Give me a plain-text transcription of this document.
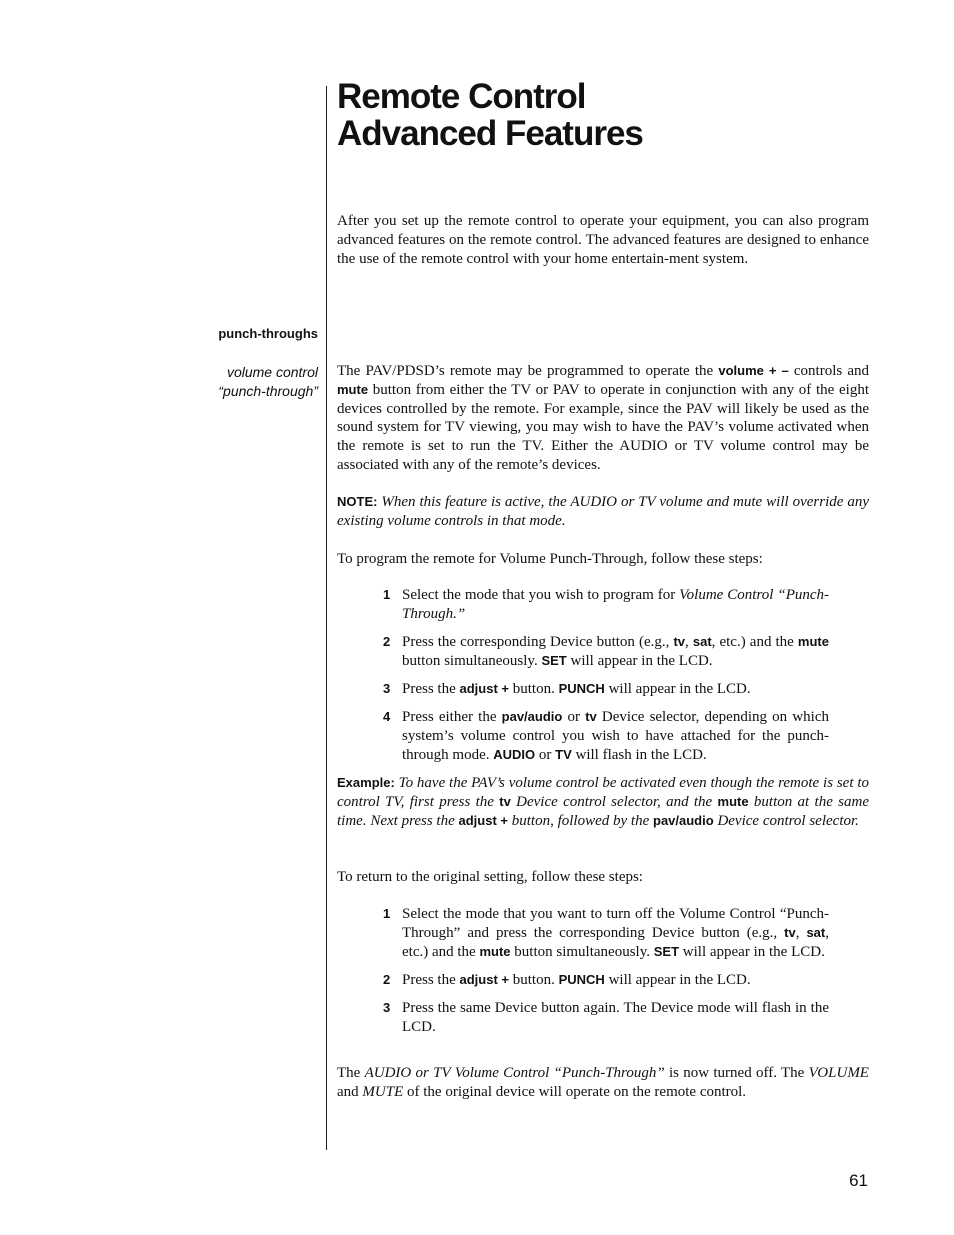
Remote Control
Advanced Features

After you set up the remote control to operate your equipment, you can also program advanced features on the remote control. The advanced features are designed to enhance the use of the remote control with your home entertain-ment system.

punch-throughs

volume control
“punch-through”

The PAV/PDSD’s remote may be programmed to operate the volume + – controls and mute button from either the TV or PAV to operate in conjunction with any of the eight devices controlled by the remote. For example, since the PAV will likely be used as the sound system for TV viewing, you may wish to have the PAV’s volume activated when the remote is set to run the TV. Either the AUDIO or TV volume control may be associated with any of the remote’s devices.

NOTE: When this feature is active, the AUDIO or TV volume and mute will override any existing volume controls in that mode.

To program the remote for Volume Punch-Through, follow these steps:

1 Select the mode that you wish to program for Volume Control “Punch-Through.”
2 Press the corresponding Device button (e.g., tv, sat, etc.) and the mute button simultaneously. SET will appear in the LCD.
3 Press the adjust + button. PUNCH will appear in the LCD.
4 Press either the pav/audio or tv Device selector, depending on which system’s volume control you wish to have attached for the punch-through mode. AUDIO or TV will flash in the LCD.

Example: To have the PAV’s volume control be activated even though the remote is set to control TV, first press the tv Device control selector, and the mute button at the same time. Next press the adjust + button, followed by the pav/audio Device control selector.

To return to the original setting, follow these steps:

1 Select the mode that you want to turn off the Volume Control “Punch-Through” and press the corresponding Device button (e.g., tv, sat, etc.) and the mute button simultaneously. SET will appear in the LCD.
2 Press the adjust + button. PUNCH will appear in the LCD.
3 Press the same Device button again. The Device mode will flash in the LCD.

The AUDIO or TV Volume Control “Punch-Through” is now turned off. The VOLUME and MUTE of the original device will operate on the remote control.

61
